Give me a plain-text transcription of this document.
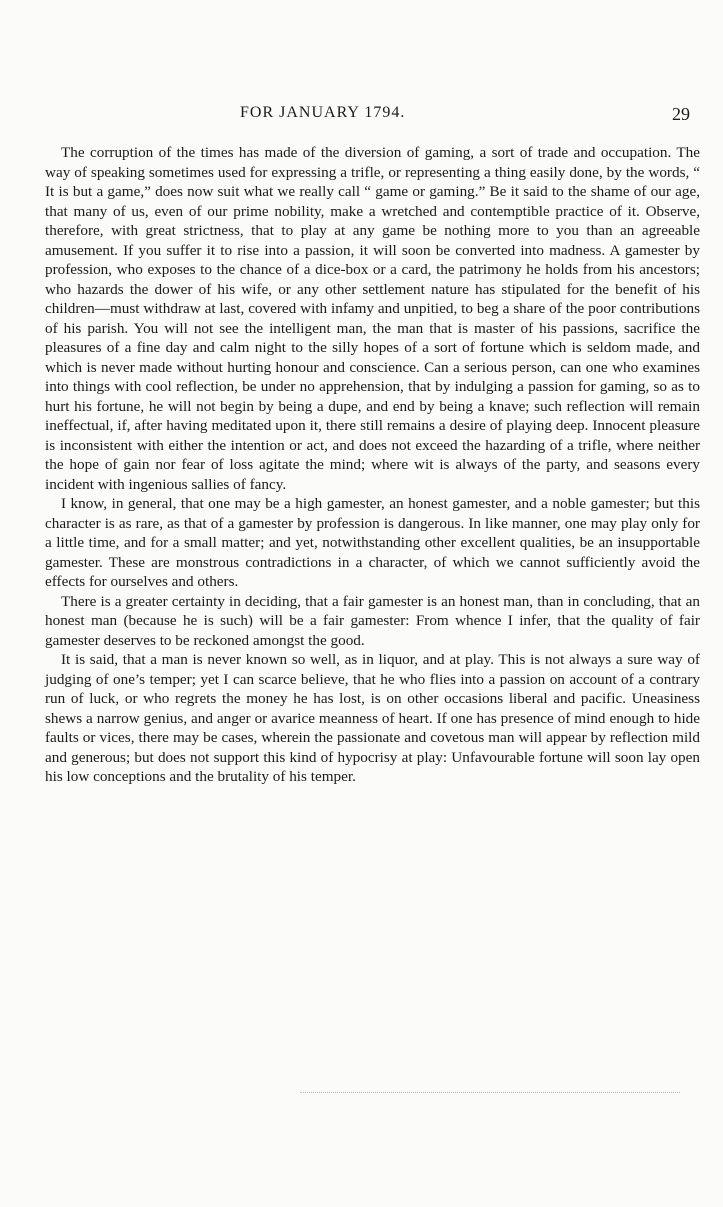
FOR JANUARY 1794.	29

The corruption of the times has made of the diversion of gaming, a sort of trade and occupation. The way of speaking sometimes used for expressing a trifle, or representing a thing easily done, by the words, “ It is but a game,” does now suit what we really call “ game or gaming.” Be it said to the shame of our age, that many of us, even of our prime nobility, make a wretched and contemptible practice of it. Observe, therefore, with great strictness, that to play at any game be nothing more to you than an agreeable amusement. If you suffer it to rise into a passion, it will soon be converted into madness. A gamester by profession, who exposes to the chance of a dice-box or a card, the patrimony he holds from his ancestors; who hazards the dower of his wife, or any other settlement nature has stipulated for the benefit of his children—must withdraw at last, covered with infamy and unpitied, to beg a share of the poor contributions of his parish. You will not see the intelligent man, the man that is master of his passions, sacrifice the pleasures of a fine day and calm night to the silly hopes of a sort of fortune which is seldom made, and which is never made without hurting honour and conscience. Can a serious person, can one who examines into things with cool reflection, be under no apprehension, that by indulging a passion for gaming, so as to hurt his fortune, he will not begin by being a dupe, and end by being a knave; such reflection will remain ineffectual, if, after having meditated upon it, there still remains a desire of playing deep. Innocent pleasure is inconsistent with either the intention or act, and does not exceed the hazarding of a trifle, where neither the hope of gain nor fear of loss agitate the mind; where wit is always of the party, and seasons every incident with ingenious sallies of fancy.

I know, in general, that one may be a high gamester, an honest gamester, and a noble gamester; but this character is as rare, as that of a gamester by profession is dangerous. In like manner, one may play only for a little time, and for a small matter; and yet, notwithstanding other excellent qualities, be an insupportable gamester. These are monstrous contradictions in a character, of which we cannot sufficiently avoid the effects for ourselves and others.

There is a greater certainty in deciding, that a fair gamester is an honest man, than in concluding, that an honest man (because he is such) will be a fair gamester: From whence I infer, that the quality of fair gamester deserves to be reckoned amongst the good.

It is said, that a man is never known so well, as in liquor, and at play. This is not always a sure way of judging of one’s temper; yet I can scarce believe, that he who flies into a passion on account of a contrary run of luck, or who regrets the money he has lost, is on other occasions liberal and pacific. Uneasiness shews a narrow genius, and anger or avarice meanness of heart. If one has presence of mind enough to hide faults or vices, there may be cases, wherein the passionate and covetous man will appear by reflection mild and generous; but does not support this kind of hypocrisy at play: Unfavourable fortune will soon lay open his low conceptions and the brutality of his temper.
